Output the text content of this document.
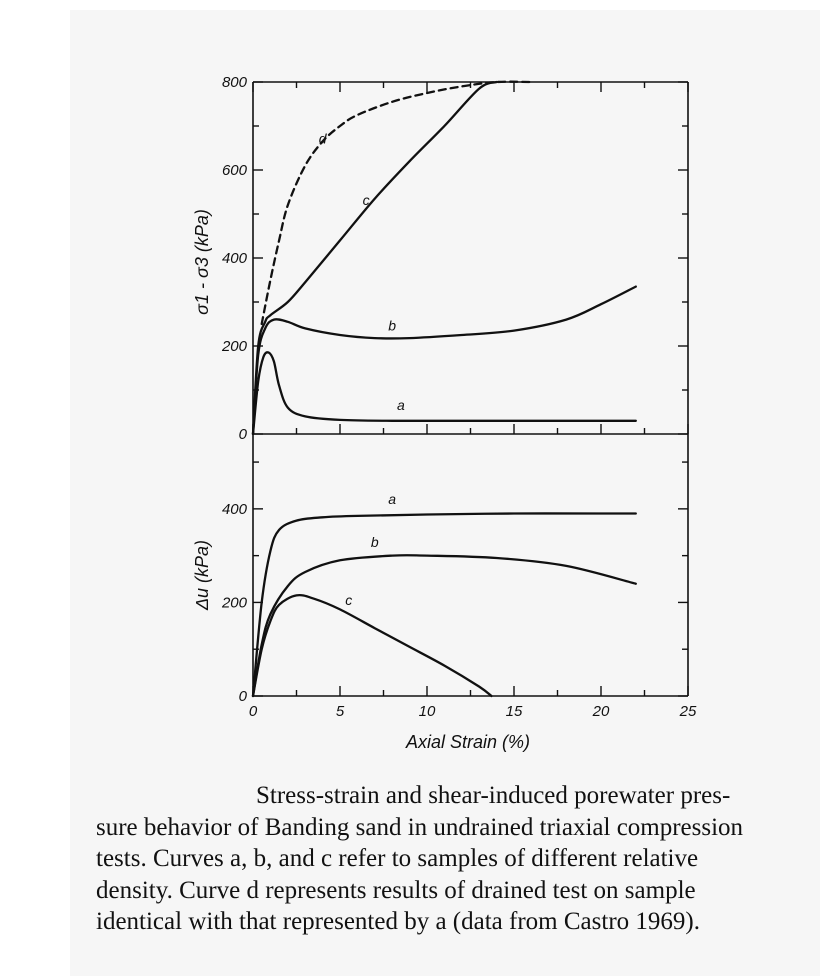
0
200
400
600
800
a
b
c
d
0
200
400
0	5	10	15	20	25
a
b
c
σ1 - σ3 (kPa)
Δu (kPa)
Axial Strain (%)

Stress-strain and shear-induced porewater pres-

sure behavior of Banding sand in undrained triaxial compression

tests. Curves a, b, and c refer to samples of different relative

density. Curve d represents results of drained test on sample

identical with that represented by a (data from Castro 1969).
